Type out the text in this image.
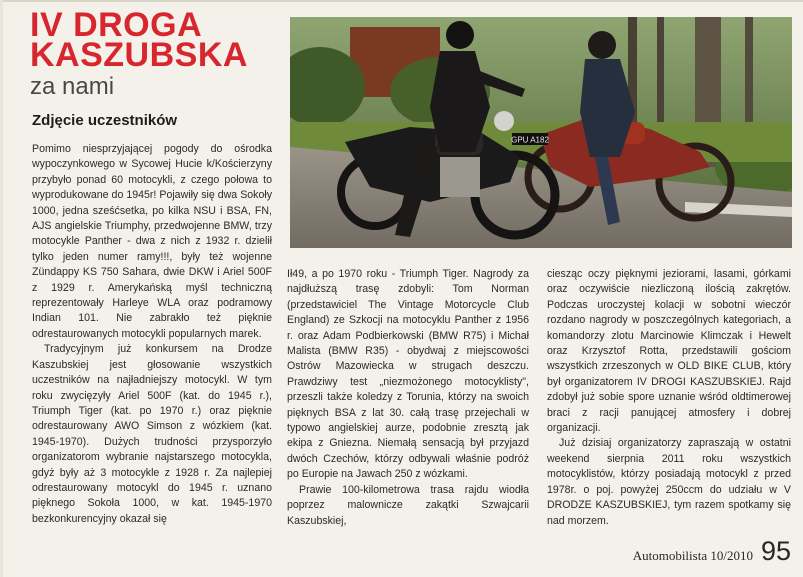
IV DROGA
KASZUBSKA
za nami
Zdjęcie uczestników
GPU A182

Pomimo niesprzyjającej pogody do ośrodka wypoczynkowego w Sycowej Hucie k/Kościerzyny przybyło ponad 60 motocykli, z czego połowa to wyprodukowane do 1945r! Pojawiły się dwa Sokoły 1000, jedna sześćsetka, po kilka NSU i BSA, FN, AJS angielskie Triumphy, przedwojenne BMW, trzy motocykle Panther - dwa z nich z 1932 r. dzielił tylko jeden numer ramy!!!, były też wojenne Zündappy KS 750 Sahara, dwie DKW i Ariel 500F z 1929 r. Amerykańską myśl techniczną reprezentowały Harleye WLA oraz podramowy Indian 101. Nie zabrakło też pięknie odrestaurowanych motocykli popularnych marek.

Tradycyjnym już konkursem na Drodze Kaszubskiej jest głosowanie wszystkich uczestników na najładniejszy motocykl. W tym roku zwycięzyły Ariel 500F (kat. do 1945 r.), Triumph Tiger (kat. po 1970 r.) oraz pięknie odrestaurowany AWO Simson z wózkiem (kat. 1945-1970). Dużych trudności przysporzyło organizatorom wybranie najstarszego motocykla, gdyż były aż 3 motocykle z 1928 r. Za najlepiej odrestaurowany motocykl do 1945 r. uznano pięknego Sokoła 1000, w kat. 1945-1970 bezkonkurencyjny okazał się

Ił49, a po 1970 roku - Triumph Tiger. Nagrody za najdłuższą trasę zdobyli: Tom Norman (przedstawiciel The Vintage Motorcycle Club England) ze Szkocji na motocyklu Panther z 1956 r. oraz Adam Podbierkowski (BMW R75) i Michał Malista (BMW R35) - obydwaj z miejscowości Ostrów Mazowiecka w strugach deszczu. Prawdziwy test „niezmożonego motocyklisty", przeszli także koledzy z Torunia, którzy na swoich pięknych BSA z lat 30. całą trasę przejechali w typowo angielskiej aurze, podobnie zresztą jak ekipa z Gniezna. Niemałą sensacją był przyjazd dwóch Czechów, którzy odbywali właśnie podróż po Europie na Jawach 250 z wózkami.

Prawie 100-kilometrowa trasa rajdu wiodła poprzez malownicze zakątki Szwajcarii Kaszubskiej,

ciesząc oczy pięknymi jeziorami, lasami, górkami oraz oczywiście niezliczoną ilością zakrętów. Podczas uroczystej kolacji w sobotni wieczór rozdano nagrody w poszczególnych kategoriach, a komandorzy zlotu Marcinowie Klimczak i Hewelt oraz Krzysztof Rotta, przedstawili gościom wszystkich zrzeszonych w OLD BIKE CLUB, który był organizatorem IV DROGI KASZUBSKIEJ. Rajd zdobył już sobie spore uznanie wśród oldtimerowej braci z racji panującej atmosfery i dobrej organizacji.

Już dzisiaj organizatorzy zapraszają w ostatni weekend sierpnia 2011 roku wszystkich motocyklistów, którzy posiadają motocykl z przed 1978r. o poj. powyżej 250ccm do udziału w V DRODZE KASZUBSKIEJ, tym razem spotkamy się nad morzem.

Automobilista 10/2010 95
